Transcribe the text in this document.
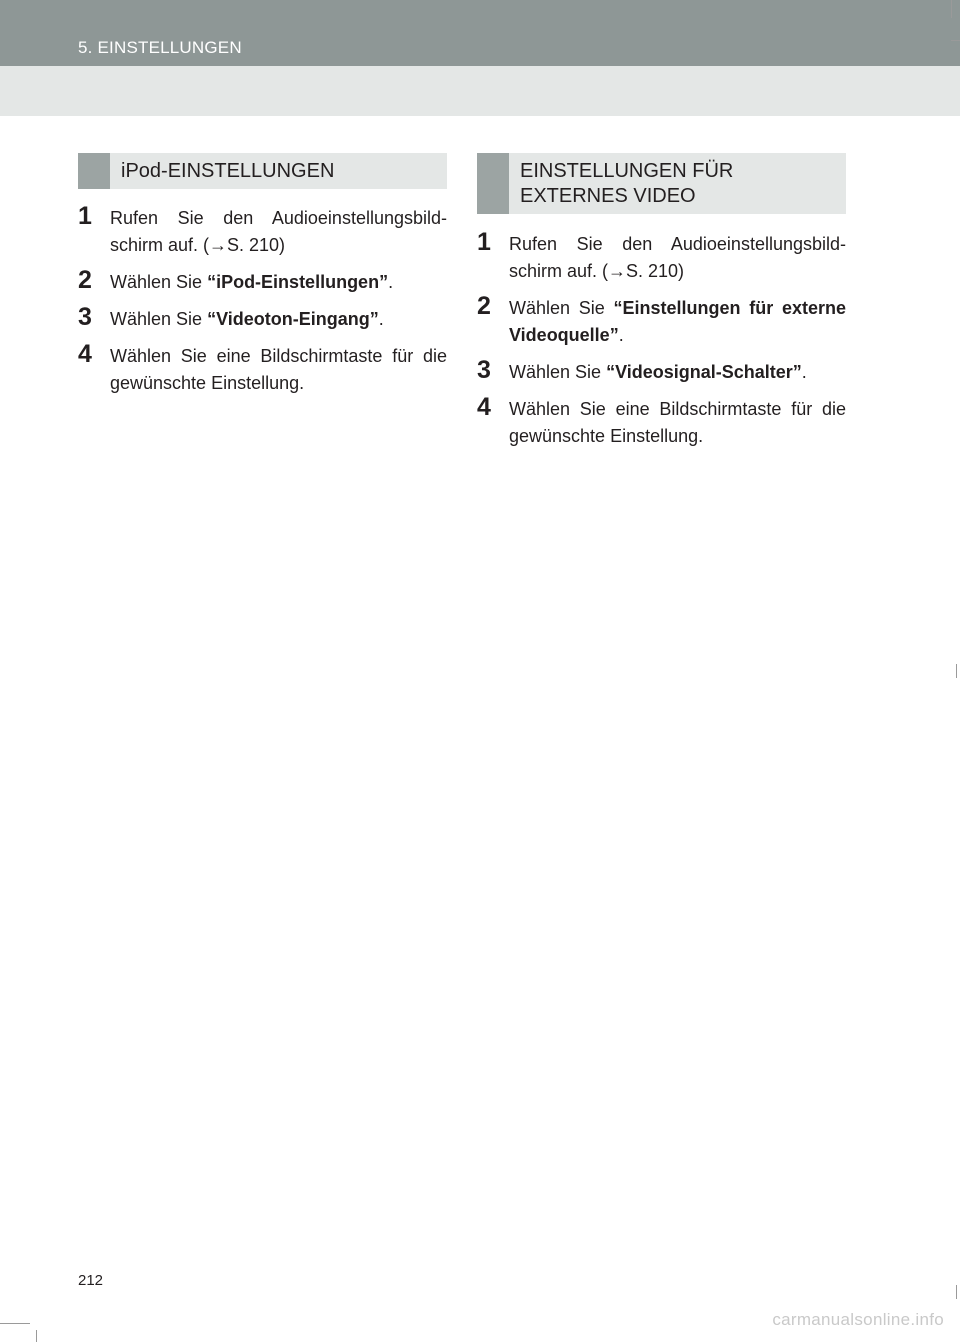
5. EINSTELLUNGEN
iPod-EINSTELLUNGEN
1 Rufen Sie den Audioeinstellungsbild-schirm auf. (→S. 210)
2 Wählen Sie “iPod-Einstellungen”.
3 Wählen Sie “Videoton-Eingang”.
4 Wählen Sie eine Bildschirmtaste für die gewünschte Einstellung.
EINSTELLUNGEN FÜR
EXTERNES VIDEO
1 Rufen Sie den Audioeinstellungsbild-schirm auf. (→S. 210)
2 Wählen Sie “Einstellungen für externe Videoquelle”.
3 Wählen Sie “Videosignal-Schalter”.
4 Wählen Sie eine Bildschirmtaste für die gewünschte Einstellung.
212
carmanualsonline.info
